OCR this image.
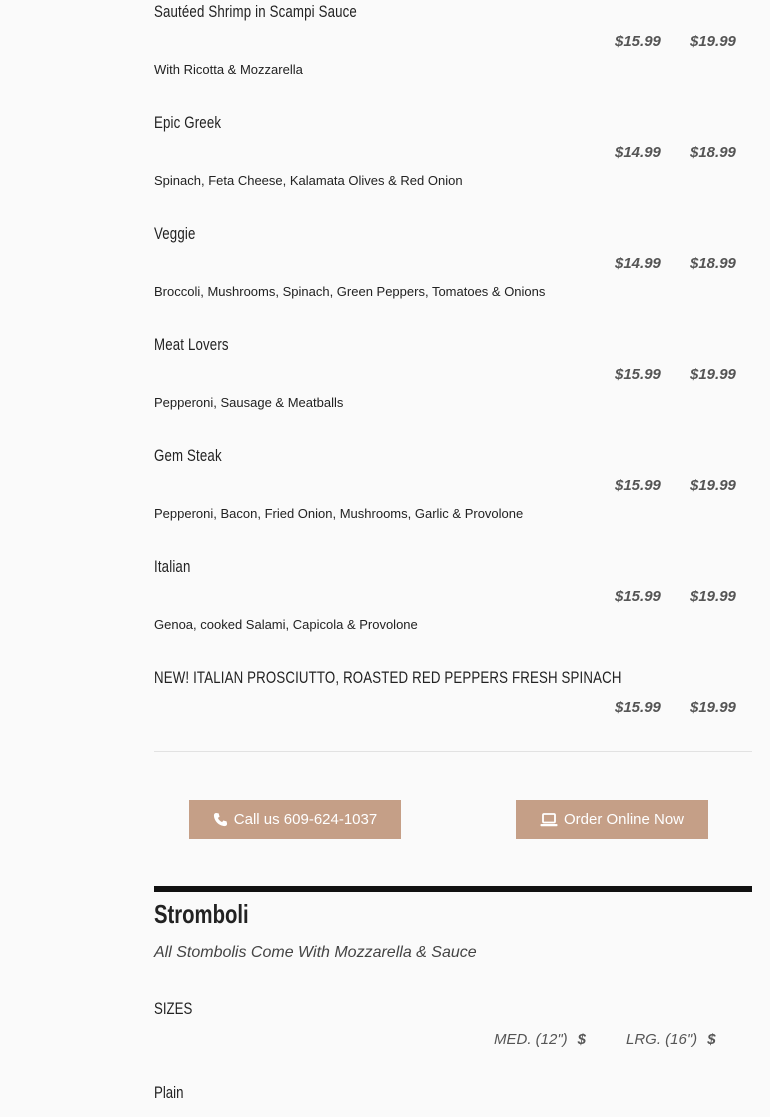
Sautéed Shrimp in Scampi Sauce
With Ricotta & Mozzarella
$15.99 $19.99
Epic Greek
Spinach, Feta Cheese, Kalamata Olives & Red Onion
$14.99 $18.99
Veggie
Broccoli, Mushrooms, Spinach, Green Peppers, Tomatoes & Onions
$14.99 $18.99
Meat Lovers
Pepperoni, Sausage & Meatballs
$15.99 $19.99
Gem Steak
Pepperoni, Bacon, Fried Onion, Mushrooms, Garlic & Provolone
$15.99 $19.99
Italian
Genoa, cooked Salami, Capicola & Provolone
$15.99 $19.99
NEW! ITALIAN PROSCIUTTO, ROASTED RED PEPPERS FRESH SPINACH
$15.99 $19.99
Call us 609-624-1037	Order Online Now
Stromboli
All Stombolis Come With Mozzarella & Sauce
SIZES
MED. (12") $	LRG. (16") $
Plain
